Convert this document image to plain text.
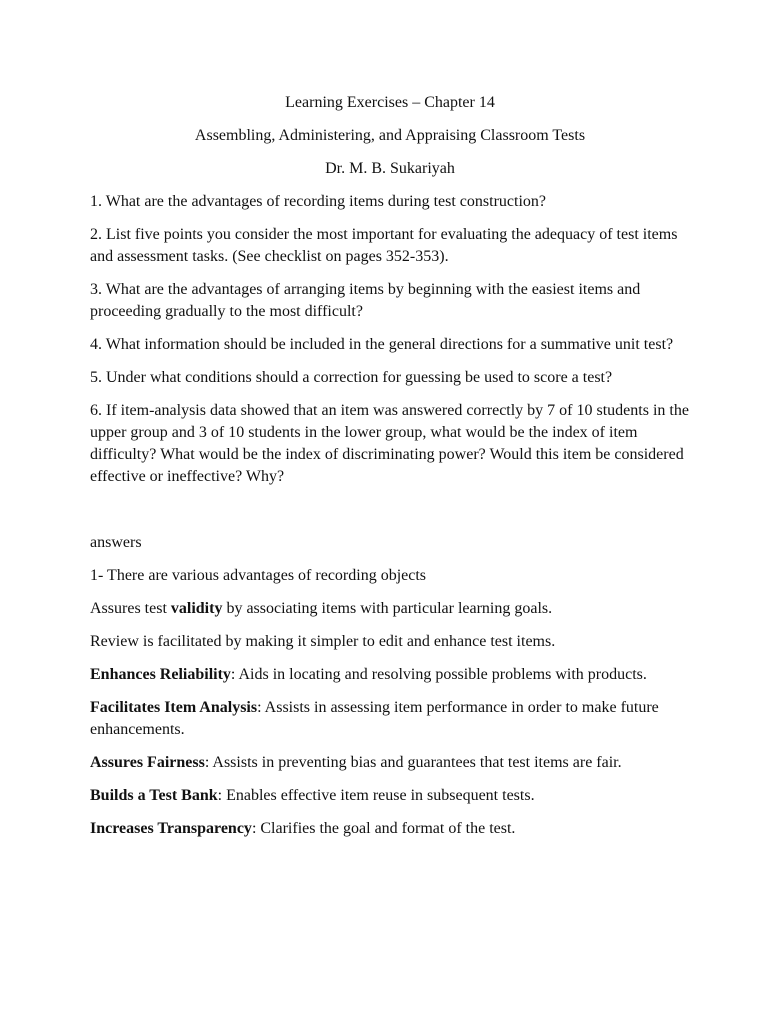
Learning Exercises – Chapter 14

Assembling, Administering, and Appraising Classroom Tests

Dr. M. B. Sukariyah

1. What are the advantages of recording items during test construction?

2. List five points you consider the most important for evaluating the adequacy of test items and assessment tasks. (See checklist on pages 352-353).

3. What are the advantages of arranging items by beginning with the easiest items and proceeding gradually to the most difficult?

4. What information should be included in the general directions for a summative unit test?

5. Under what conditions should a correction for guessing be used to score a test?

6. If item-analysis data showed that an item was answered correctly by 7 of 10 students in the upper group and 3 of 10 students in the lower group, what would be the index of item difficulty? What would be the index of discriminating power? Would this item be considered effective or ineffective? Why?

answers

1- There are various advantages of recording objects

Assures test validity by associating items with particular learning goals.

Review is facilitated by making it simpler to edit and enhance test items.

Enhances Reliability: Aids in locating and resolving possible problems with products.

Facilitates Item Analysis: Assists in assessing item performance in order to make future enhancements.

Assures Fairness: Assists in preventing bias and guarantees that test items are fair.

Builds a Test Bank: Enables effective item reuse in subsequent tests.

Increases Transparency: Clarifies the goal and format of the test.
